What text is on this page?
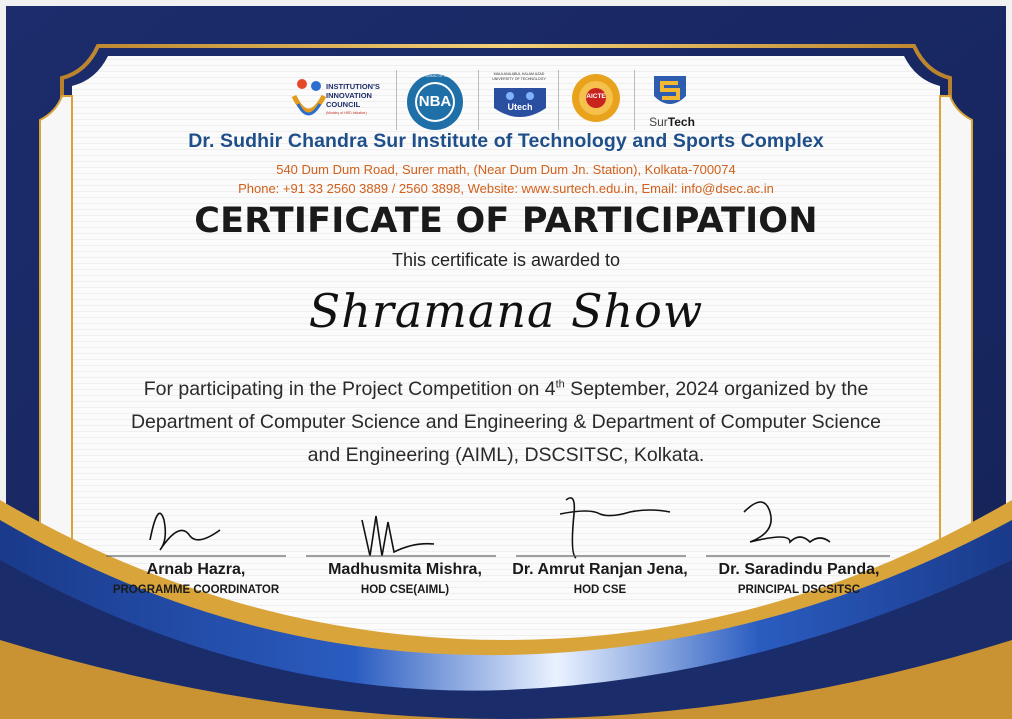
INSTITUTION'S
INNOVATION
COUNCIL
(Ministry of HRD Initiative)
NBA
NATIONAL BOARD OF ACCREDITATION	MAULANA ABUL KALAM AZAD UNIVERSITY OF TECHNOLOGY
Utech
AICTE
SurTech
Dr. Sudhir Chandra Sur Institute of Technology and Sports Complex
540 Dum Dum Road, Surer math, (Near Dum Dum Jn. Station), Kolkata-700074
Phone: +91 33 2560 3889 / 2560 3898, Website: www.surtech.edu.in, Email: info@dsec.ac.in
CERTIFICATE OF PARTICIPATION
This certificate is awarded to
Shramana Show
For participating in the Project Competition on 4th September, 2024 organized by the
Department of Computer Science and Engineering & Department of Computer Science
and Engineering (AIML), DSCSITSC, Kolkata.
Arnab Hazra,
PROGRAMME COORDINATOR
Madhusmita Mishra,
HOD CSE(AIML)
Dr. Amrut Ranjan Jena,
HOD CSE
Dr. Saradindu Panda,
PRINCIPAL DSCSITSC
